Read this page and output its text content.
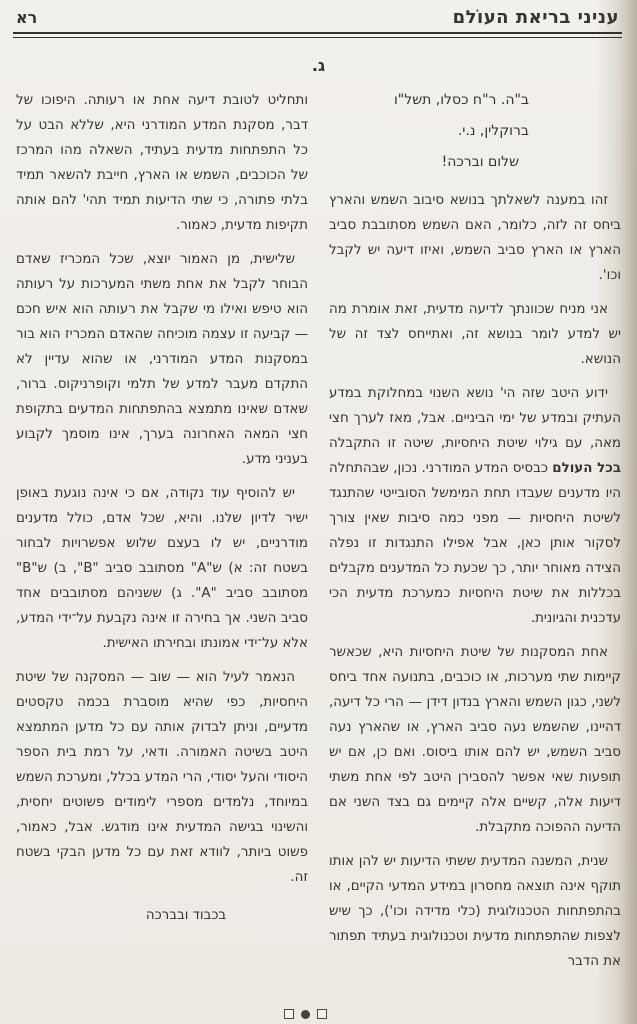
עניני בריאת העוֹלם
רא
ג.
ב"ה. ר"ח כסלו, תשל"ו
ברוקלין, נ.י.
שלום וברכה!

זהו במענה לשאלתך בנושא סיבוב השמש והארץ ביחס זה לזה, כלומר, האם השמש מסתובבת סביב הארץ או הארץ סביב השמש, ואיזו דיעה יש לקבל וכו'.

אני מניח שכוונתך לדיעה מדעית, זאת אומרת מה יש למדע לומר בנושא זה, ואתייחס לצד זה של הנושא.

ידוע היטב שזה הי' נושא השנוי במחלוקת במדע העתיק ובמדע של ימי הביניים. אבל, מאז לערך חצי מאה, עם גילוי שיטת היחסיות, שיטה זו התקבלה בכל העולם כבסיס המדע המודרני. נכון, שבהתחלה היו מדענים שעבדו תחת המימשל הסובייטי שהתנגד לשיטת היחסיות — מפני כמה סיבות שאין צורך לסקור אותן כאן, אבל אפילו התנגדות זו נפלה הצידה מאוחר יותר, כך שכעת כל המדענים מקבלים בכללות את שיטת היחסיות כמערכת מדעית הכי עדכנית והגיונית.

אחת המסקנות של שיטת היחסיות היא, שכאשר קיימות שתי מערכות, או כוכבים, בתנועה אחד ביחס לשני, כגון השמש והארץ בנדון דידן — הרי כל דיעה, דהיינו, שהשמש נעה סביב הארץ, או שהארץ נעה סביב השמש, יש להם אותו ביסוס. ואם כן, אם יש תופעות שאי אפשר להסבירן היטב לפי אחת משתי דיעות אלה, קשיים אלה קיימים גם בצד השני אם הדיעה ההפוכה מתקבלת.

שנית, המשנה המדעית ששתי הדיעות יש להן אותו תוקף אינה תוצאה מחסרון במידע המדעי הקיים, או בהתפתחות הטכנולוגית (כלי מדידה וכו'), כך שיש לצפות שהתפתחות מדעית וטכנולוגית בעתיד תפתור את הדבר

ותחליט לטובת דיעה אחת או רעותה. היפוכו של דבר, מסקנת המדע המודרני היא, שללא הבט על כל התפתחות מדעית בעתיד, השאלה מהו המרכז של הכוכבים, השמש או הארץ, חייבת להשאר תמיד בלתי פתורה, כי שתי הדיעות תמיד תהי' להם אותה תקיפות מדעית, כאמור.

שלישית, מן האמור יוצא, שכל המכריז שאדם הבוחר לקבל את אחת משתי המערכות על רעותה הוא טיפש ואילו מי שקבל את רעותה הוא איש חכם — קביעה זו עצמה מוכיחה שהאדם המכריז הוא בור במסקנות המדע המודרני, או שהוא עדיין לא התקדם מעבר למדע של תלמי וקופרניקוס. ברור, שאדם שאינו מתמצא בהתפתחות המדעים בתקופת חצי המאה האחרונה בערך, אינו מוסמך לקבוע בעניני מדע.

יש להוסיף עוד נקודה, אם כי אינה נוגעת באופן ישיר לדיון שלנו. והיא, שכל אדם, כולל מדענים מודרניים, יש לו בעצם שלוש אפשרויות לבחור בשטח זה: א) ש"A" מסתובב סביב "B", ב) ש"B" מסתובב סביב "A". ג) ששניהם מסתובבים אחד סביב השני. אך בחירה זו אינה נקבעת על־ידי המדע, אלא על־ידי אמונתו ובחירתו האישית.

הנאמר לעיל הוא — שוב — המסקנה של שיטת היחסיות, כפי שהיא מוסברת בכמה טקסטים מדעיים, וניתן לבדוק אותה עם כל מדען המתמצא היטב בשיטה האמורה. ודאי, על רמת בית הספר היסודי והעל יסודי, הרי המדע בכלל, ומערכת השמש במיוחד, נלמדים מספרי לימודים פשוטים יחסית, והשינוי בגישה המדעית אינו מודגש. אבל, כאמור, פשוט ביותר, לוודא זאת עם כל מדען הבקי בשטח זה.

בכבוד ובברכה
